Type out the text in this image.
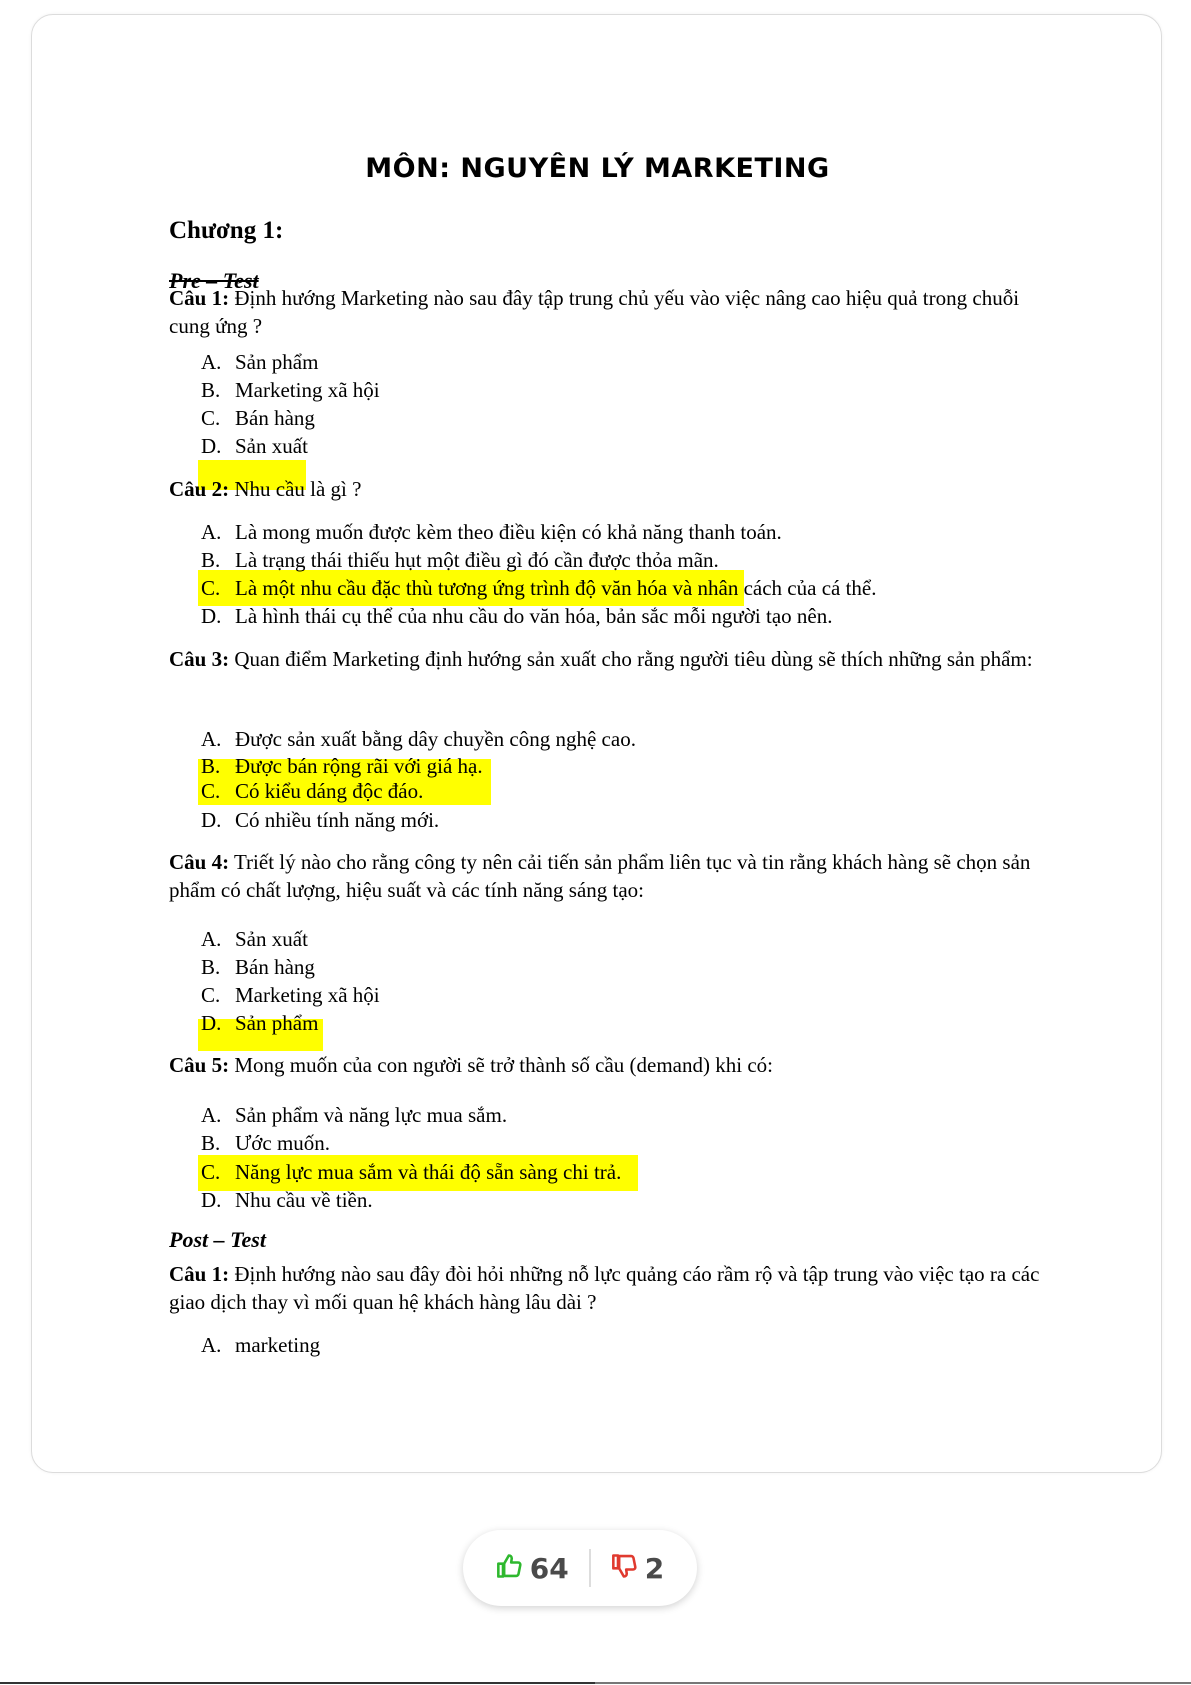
MÔN: NGUYÊN LÝ MARKETING
Chương 1:
Pre – Test
Câu 1: Định hướng Marketing nào sau đây tập trung chủ yếu vào việc nâng cao hiệu quả trong chuỗi cung ứng ?
A. Sản phẩm
B. Marketing xã hội
C. Bán hàng
D. Sản xuất
Câu 2: Nhu cầu là gì ?
A. Là mong muốn được kèm theo điều kiện có khả năng thanh toán.
B. Là trạng thái thiếu hụt một điều gì đó cần được thỏa mãn.
C. Là một nhu cầu đặc thù tương ứng trình độ văn hóa và nhân cách của cá thể.
D. Là hình thái cụ thể của nhu cầu do văn hóa, bản sắc mỗi người tạo nên.
Câu 3: Quan điểm Marketing định hướng sản xuất cho rằng người tiêu dùng sẽ thích những sản phẩm:
A. Được sản xuất bằng dây chuyền công nghệ cao.
B. Được bán rộng rãi với giá hạ.
C. Có kiểu dáng độc đáo.
D. Có nhiều tính năng mới.
Câu 4: Triết lý nào cho rằng công ty nên cải tiến sản phẩm liên tục và tin rằng khách hàng sẽ chọn sản phẩm có chất lượng, hiệu suất và các tính năng sáng tạo:
A. Sản xuất
B. Bán hàng
C. Marketing xã hội
D. Sản phẩm
Câu 5: Mong muốn của con người sẽ trở thành số cầu (demand) khi có:
A. Sản phẩm và năng lực mua sắm.
B. Ước muốn.
C. Năng lực mua sắm và thái độ sẵn sàng chi trả.
D. Nhu cầu về tiền.
Post – Test
Câu 1: Định hướng nào sau đây đòi hỏi những nỗ lực quảng cáo rầm rộ và tập trung vào việc tạo ra các giao dịch thay vì mối quan hệ khách hàng lâu dài ?
A. marketing
64	2
